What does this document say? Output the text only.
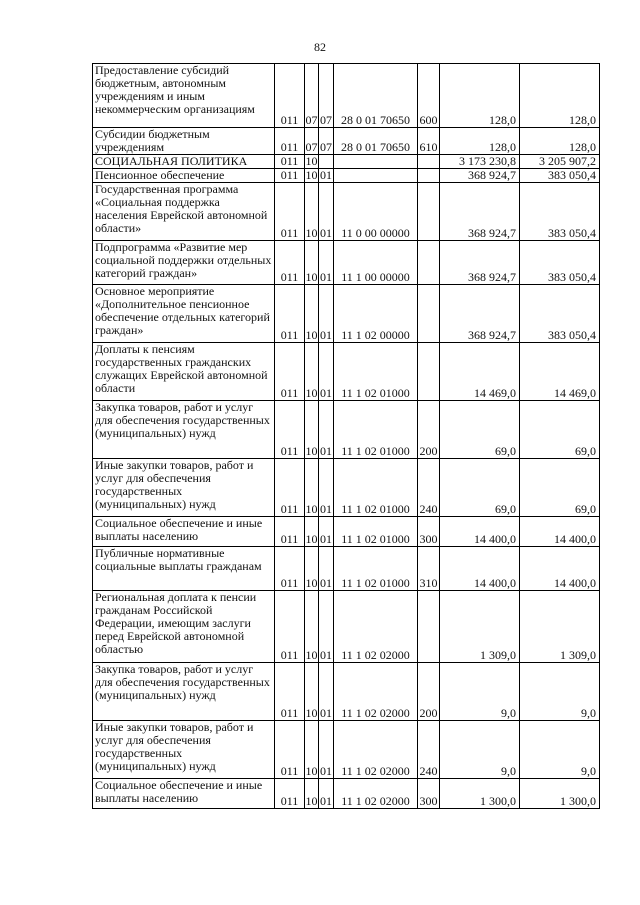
82
Предоставление субсидий бюджетным, автономным учреждениям и иным некоммерческим организациям	011	07	07	28 0 01 70650	600	128,0	128,0
Субсидии бюджетным учреждениям	011	07	07	28 0 01 70650	610	128,0	128,0
СОЦИАЛЬНАЯ ПОЛИТИКА	011	10				3 173 230,8	3 205 907,2
Пенсионное обеспечение	011	10	01			368 924,7	383 050,4
Государственная программа «Социальная поддержка населения Еврейской автономной области»	011	10	01	11 0 00 00000		368 924,7	383 050,4
Подпрограмма «Развитие мер социальной поддержки отдельных категорий граждан»	011	10	01	11 1 00 00000		368 924,7	383 050,4
Основное мероприятие «Дополнительное пенсионное обеспечение отдельных категорий граждан»	011	10	01	11 1 02 00000		368 924,7	383 050,4
Доплаты к пенсиям государственных гражданских служащих Еврейской автономной области	011	10	01	11 1 02 01000		14 469,0	14 469,0
Закупка товаров, работ и услуг для обеспечения государственных (муниципальных) нужд	011	10	01	11 1 02 01000	200	69,0	69,0
Иные закупки товаров, работ и услуг для обеспечения государственных (муниципальных) нужд	011	10	01	11 1 02 01000	240	69,0	69,0
Социальное обеспечение и иные выплаты населению	011	10	01	11 1 02 01000	300	14 400,0	14 400,0
Публичные нормативные социальные выплаты гражданам	011	10	01	11 1 02 01000	310	14 400,0	14 400,0
Региональная доплата к пенсии гражданам Российской Федерации, имеющим заслуги перед Еврейской автономной областью	011	10	01	11 1 02 02000		1 309,0	1 309,0
Закупка товаров, работ и услуг для обеспечения государственных (муниципальных) нужд	011	10	01	11 1 02 02000	200	9,0	9,0
Иные закупки товаров, работ и услуг для обеспечения государственных (муниципальных) нужд	011	10	01	11 1 02 02000	240	9,0	9,0
Социальное обеспечение и иные выплаты населению	011	10	01	11 1 02 02000	300	1 300,0	1 300,0
